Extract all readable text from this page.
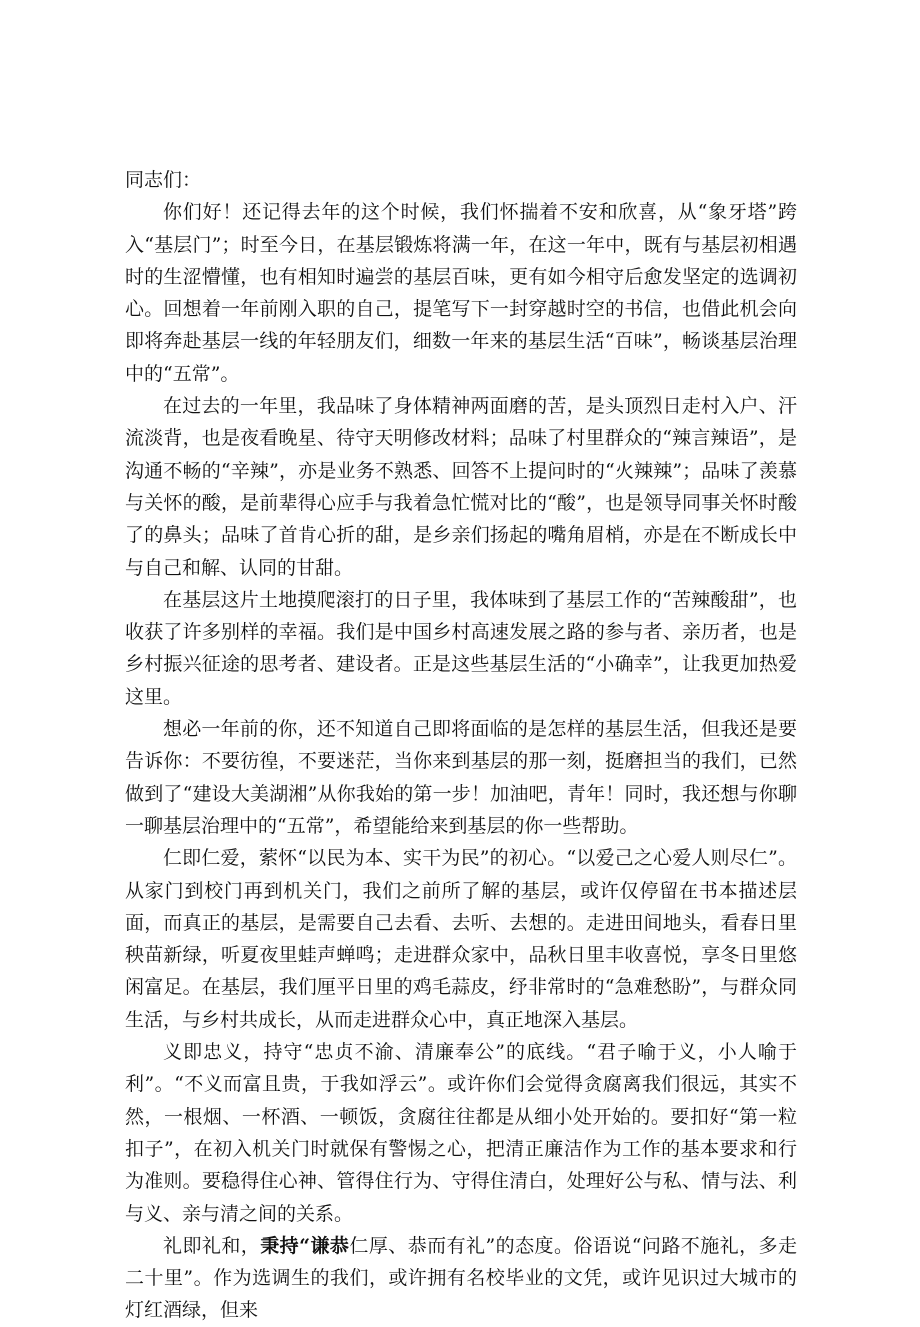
同志们：

你们好！还记得去年的这个时候，我们怀揣着不安和欣喜，从“象牙塔”跨入“基层门”；时至今日，在基层锻炼将满一年，在这一年中，既有与基层初相遇时的生涩懵懂，也有相知时遍尝的基层百味，更有如今相守后愈发坚定的选调初心。回想着一年前刚入职的自己，提笔写下一封穿越时空的书信，也借此机会向即将奔赴基层一线的年轻朋友们，细数一年来的基层生活“百味”，畅谈基层治理中的“五常”。

在过去的一年里，我品味了身体精神两面磨的苦，是头顶烈日走村入户、汗流淡背，也是夜看晚星、待守天明修改材料；品味了村里群众的“辣言辣语”，是沟通不畅的“辛辣”，亦是业务不熟悉、回答不上提问时的“火辣辣”；品味了羡慕与关怀的酸，是前辈得心应手与我着急忙慌对比的“酸”，也是领导同事关怀时酸了的鼻头；品味了首肯心折的甜，是乡亲们扬起的嘴角眉梢，亦是在不断成长中与自己和解、认同的甘甜。

在基层这片土地摸爬滚打的日子里，我体味到了基层工作的“苦辣酸甜”，也收获了许多别样的幸福。我们是中国乡村高速发展之路的参与者、亲历者，也是乡村振兴征途的思考者、建设者。正是这些基层生活的“小确幸”，让我更加热爱这里。

想必一年前的你，还不知道自己即将面临的是怎样的基层生活，但我还是要告诉你：不要彷徨，不要迷茫，当你来到基层的那一刻，挺磨担当的我们，已然做到了“建设大美湖湘”从你我始的第一步！加油吧，青年！同时，我还想与你聊一聊基层治理中的“五常”，希望能给来到基层的你一些帮助。

仁即仁爱，萦怀“以民为本、实干为民”的初心。“以爱己之心爱人则尽仁”。从家门到校门再到机关门，我们之前所了解的基层，或许仅停留在书本描述层面，而真正的基层，是需要自己去看、去听、去想的。走进田间地头，看春日里秧苗新绿，听夏夜里蛙声蝉鸣；走进群众家中，品秋日里丰收喜悦，享冬日里悠闲富足。在基层，我们厘平日里的鸡毛蒜皮，纾非常时的“急难愁盼”，与群众同生活，与乡村共成长，从而走进群众心中，真正地深入基层。

义即忠义，持守“忠贞不渝、清廉奉公”的底线。“君子喻于义，小人喻于利”。“不义而富且贵，于我如浮云”。或许你们会觉得贪腐离我们很远，其实不然，一根烟、一杯酒、一顿饭，贪腐往往都是从细小处开始的。要扣好“第一粒扣子”，在初入机关门时就保有警惕之心，把清正廉洁作为工作的基本要求和行为准则。要稳得住心神、管得住行为、守得住清白，处理好公与私、情与法、利与义、亲与清之间的关系。

礼即礼和，秉持“谦恭仁厚、恭而有礼”的态度。俗语说“问路不施礼，多走二十里”。作为选调生的我们，或许拥有名校毕业的文凭，或许见识过大城市的灯红酒绿，但来
